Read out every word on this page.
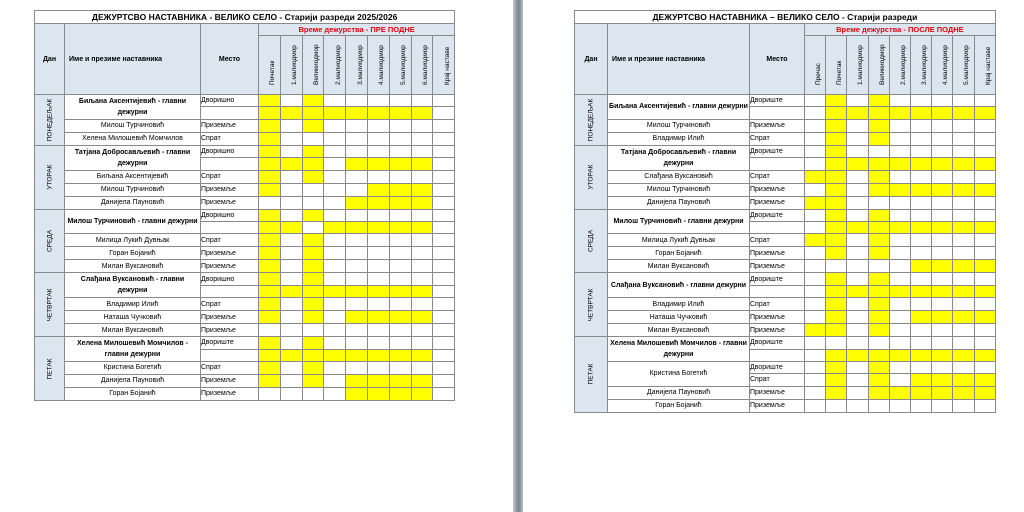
ДЕЖУРТСВО НАСТАВНИКА - ВЕЛИКО СЕЛО - Старији разреди 2025/2026											
Дан	Име и презиме наставника	Место	Време дежурства - ПРЕ ПОДНЕ								

			Почетак	1.малиодмор	Великиодмор	2.малиодмор	3.малиодмор	4.малиодмор	5.малиодмор	6.малиодмор	Крај наставе

ПОНЕДЕЉАК	Биљана Аксентијевић - главни дежурни	Дворишно									

	Милош Турчиновић	Приземље									
	Хелена Милошевић Момчилов	Спрат									

УТОРАК	Татјана Добросављевић - главни дежурни	Дворишно									

	Биљана Аксентијевић	Спрат									
	Милош Турчиновић	Приземље									
	Данијела Пауновић	Приземље									

СРЕДА	Милош Турчиновић - главни дежурни	Дворишно									

	Милица Лукић Дувњак	Спрат									
	Горан Бојанић	Приземље									
	Милан Вуксановић	Приземље									

ЧЕТВРТАК	Слађана Вуксановић - главни дежурни	Дворишно									

	Владимир Илић	Спрат									
	Наташа Чучковић	Приземље									
	Милан Вуксановић	Приземље									

ПЕТАК	Хелена Милошевић Момчилов - главни дежурни	Двориште									

	Кристина Богетић	Спрат									
	Данијела Пауновић	Приземље									
	Горан Бојанић	Приземље									
ДЕЖУРТСВО НАСТАВНИКА – ВЕЛИКО СЕЛО - Старији разреди											
Дан	Име и презиме наставника	Место	Време дежурства - ПОСЛЕ ПОДНЕ								

			Пречас	Почетак	1.малиодмор	Великиодмор	2.малиодмор	3.малиодмор	4.малиодмор	5.малиодмор	Крај наставе

ПОНЕДЕЉАК	Биљана Аксентијевић - главни дежурни	Двориште									

	Милош Турчиновић	Приземље									
	Владимир Илић	Спрат									

УТОРАК	Татјана Добросављевић - главни дежурни	Двориште									

	Слађана Вуксановић	Спрат									
	Милош Турчиновић	Приземље									
	Данијела Пауновић	Приземље									

СРЕДА	Милош Турчиновић - главни дежурни	Двориште									

	Милица Лукић Дувњак	Спрат									
	Горан Бојанић	Приземље									
	Милан Вуксановић	Приземље									

ЧЕТВРТАК	Слађана Вуксановић - главни дежурни	Двориште									

	Владимир Илић	Спрат									
	Наташа Чучковић	Приземље									
	Милан Вуксановић	Приземље									

ПЕТАК	Хелена Милошевић Момчилов - главни дежурни	Двориште									

	Кристина Богетић	Двориште									
		Спрат									
	Данијела Пауновић	Приземље									
	Горан Бојанић	Приземље									
